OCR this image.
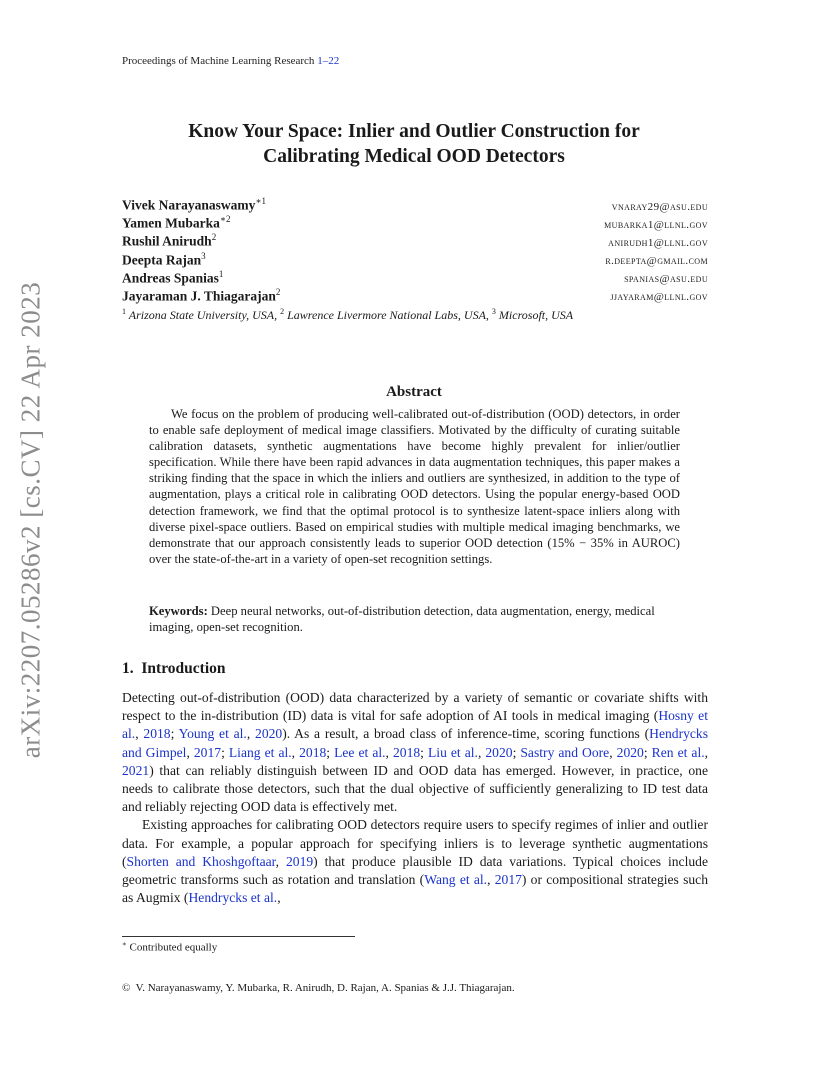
arXiv:2207.05286v2 [cs.CV] 22 Apr 2023
Proceedings of Machine Learning Research 1–22
Know Your Space: Inlier and Outlier Construction for
Calibrating Medical OOD Detectors
Vivek Narayanaswamy$^{∗1}$	vnaray29@asu.edu
Yamen Mubarka$^{∗2}$	mubarka1@llnl.gov
Rushil Anirudh$^2$	anirudh1@llnl.gov
Deepta Rajan$^3$	r.deepta@gmail.com
Andreas Spanias$^1$	spanias@asu.edu
Jayaraman J. Thiagarajan$^2$	jjayaram@llnl.gov
$^1$ Arizona State University, USA, $^2$ Lawrence Livermore National Labs, USA, $^3$ Microsoft, USA
Abstract

We focus on the problem of producing well-calibrated out-of-distribution (OOD) detectors, in order to enable safe deployment of medical image classifiers. Motivated by the difficulty of curating suitable calibration datasets, synthetic augmentations have become highly prevalent for inlier/outlier specification. While there have been rapid advances in data augmentation techniques, this paper makes a striking finding that the space in which the inliers and outliers are synthesized, in addition to the type of augmentation, plays a critical role in calibrating OOD detectors. Using the popular energy-based OOD detection framework, we find that the optimal protocol is to synthesize latent-space inliers along with diverse pixel-space outliers. Based on empirical studies with multiple medical imaging benchmarks, we demonstrate that our approach consistently leads to superior OOD detection (15% − 35% in AUROC) over the state-of-the-art in a variety of open-set recognition settings.

Keywords: Deep neural networks, out-of-distribution detection, data augmentation, energy, medical imaging, open-set recognition.
1. Introduction

Detecting out-of-distribution (OOD) data characterized by a variety of semantic or covariate shifts with respect to the in-distribution (ID) data is vital for safe adoption of AI tools in medical imaging (Hosny et al., 2018; Young et al., 2020). As a result, a broad class of inference-time, scoring functions (Hendrycks and Gimpel, 2017; Liang et al., 2018; Lee et al., 2018; Liu et al., 2020; Sastry and Oore, 2020; Ren et al., 2021) that can reliably distinguish between ID and OOD data has emerged. However, in practice, one needs to calibrate those detectors, such that the dual objective of sufficiently generalizing to ID test data and reliably rejecting OOD data is effectively met.

Existing approaches for calibrating OOD detectors require users to specify regimes of inlier and outlier data. For example, a popular approach for specifying inliers is to leverage synthetic augmentations (Shorten and Khoshgoftaar, 2019) that produce plausible ID data variations. Typical choices include geometric transforms such as rotation and translation (Wang et al., 2017) or compositional strategies such as Augmix (Hendrycks et al.,

∗ Contributed equally
© V. Narayanaswamy, Y. Mubarka, R. Anirudh, D. Rajan, A. Spanias & J.J. Thiagarajan.
